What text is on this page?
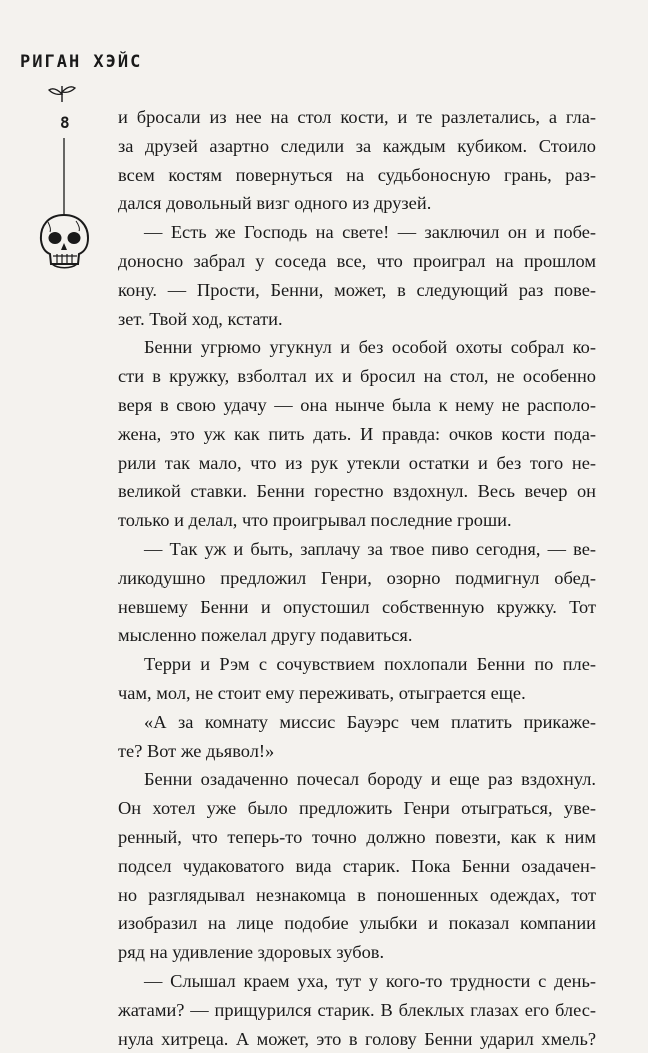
РИГАН ХЭЙС
8	и бросали из нее на стол кости, и те разлетались, а гла-
за друзей азартно следили за каждым кубиком. Стоило
всем костям повернуться на судьбоносную грань, раз-
дался довольный визг одного из друзей.
— Есть же Господь на свете! — заключил он и побе-
доносно забрал у соседа все, что проиграл на прошлом
кону. — Прости, Бенни, может, в следующий раз пове-
зет. Твой ход, кстати.
Бенни угрюмо угукнул и без особой охоты собрал ко-
сти в кружку, взболтал их и бросил на стол, не особенно
веря в свою удачу — она нынче была к нему не располо-
жена, это уж как пить дать. И правда: очков кости пода-
рили так мало, что из рук утекли остатки и без того не-
великой ставки. Бенни горестно вздохнул. Весь вечер он
только и делал, что проигрывал последние гроши.
— Так уж и быть, заплачу за твое пиво сегодня, — ве-
ликодушно предложил Генри, озорно подмигнул обед-
невшему Бенни и опустошил собственную кружку. Тот
мысленно пожелал другу подавиться.
Терри и Рэм с сочувствием похлопали Бенни по пле-
чам, мол, не стоит ему переживать, отыграется еще.
«А за комнату миссис Бауэрс чем платить прикаже-
те? Вот же дьявол!»
Бенни озадаченно почесал бороду и еще раз вздохнул.
Он хотел уже было предложить Генри отыграться, уве-
ренный, что теперь-то точно должно повезти, как к ним
подсел чудаковатого вида старик. Пока Бенни озадачен-
но разглядывал незнакомца в поношенных одеждах, тот
изобразил на лице подобие улыбки и показал компании
ряд на удивление здоровых зубов.
— Слышал краем уха, тут у кого-то трудности с день-
жатами? — прищурился старик. В блеклых глазах его блес-
нула хитреца. А может, это в голову Бенни ударил хмель?
